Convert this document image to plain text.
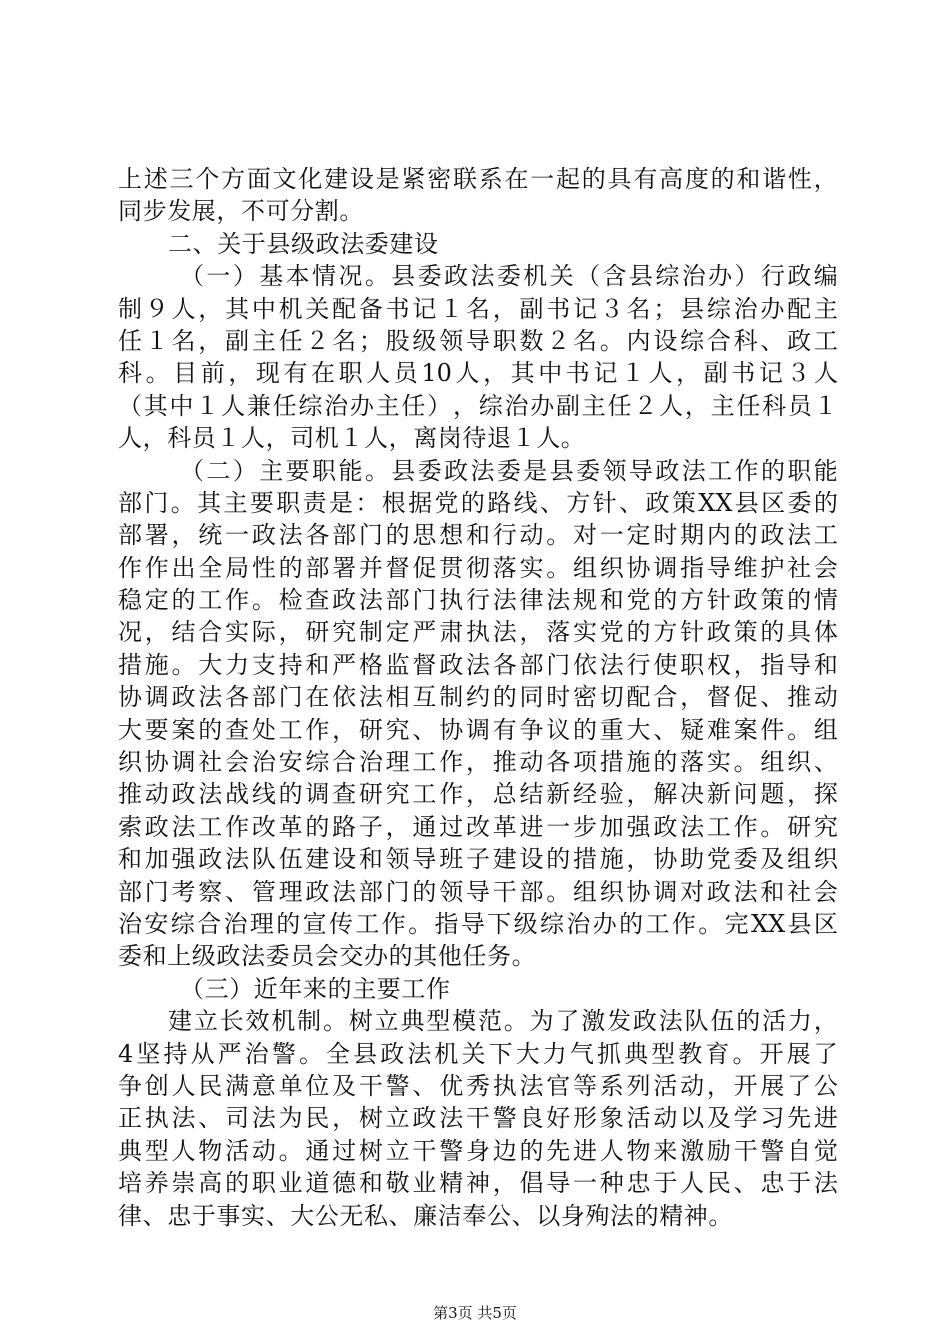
上 述 三 个 方 面 文 化 建 设 是 紧 密 联 系 在 一 起 的 具 有 高 度 的 和 谐 性 ，
同步发展，不可分割。
二、关于县级政法委建设
（ 一 ） 基 本 情 况 。 县 委 政 法 委 机 关 （ 含 县 综 治 办 ） 行 政 编
制 ９ 人 ， 其 中 机 关 配 备 书 记 １ 名 ， 副 书 记 ３ 名 ； 县 综 治 办 配 主
任 １ 名 ， 副 主 任 ２ 名 ； 股 级 领 导 职 数 ２ 名 。 内 设 综 合 科 、 政 工
科 。 目 前 ， 现 有 在 职 人 员 10 人 ， 其 中 书 记 １ 人 ， 副 书 记 ３ 人
（ 其 中 １ 人 兼 任 综 治 办 主 任 ） ， 综 治 办 副 主 任 ２ 人 ， 主 任 科 员 １
人，科员１人，司机１人，离岗待退１人。
（ 二 ） 主 要 职 能 。 县 委 政 法 委 是 县 委 领 导 政 法 工 作 的 职 能
部 门 。 其 主 要 职 责 是 ： 根 据 党 的 路 线 、 方 针 、 政 策 XX 县 区 委 的
部 署 ， 统 一 政 法 各 部 门 的 思 想 和 行 动 。 对 一 定 时 期 内 的 政 法 工
作 作 出 全 局 性 的 部 署 并 督 促 贯 彻 落 实 。 组 织 协 调 指 导 维 护 社 会
稳 定 的 工 作 。 检 查 政 法 部 门 执 行 法 律 法 规 和 党 的 方 针 政 策 的 情
况 ， 结 合 实 际 ， 研 究 制 定 严 肃 执 法 ， 落 实 党 的 方 针 政 策 的 具 体
措 施 。 大 力 支 持 和 严 格 监 督 政 法 各 部 门 依 法 行 使 职 权 ， 指 导 和
协 调 政 法 各 部 门 在 依 法 相 互 制 约 的 同 时 密 切 配 合 ， 督 促 、 推 动
大 要 案 的 查 处 工 作 ， 研 究 、 协 调 有 争 议 的 重 大 、 疑 难 案 件 。 组
织 协 调 社 会 治 安 综 合 治 理 工 作 ， 推 动 各 项 措 施 的 落 实 。 组 织 、
推 动 政 法 战 线 的 调 查 研 究 工 作 ， 总 结 新 经 验 ， 解 决 新 问 题 ， 探
索 政 法 工 作 改 革 的 路 子 ， 通 过 改 革 进 一 步 加 强 政 法 工 作 。 研 究
和 加 强 政 法 队 伍 建 设 和 领 导 班 子 建 设 的 措 施 ， 协 助 党 委 及 组 织
部 门 考 察 、 管 理 政 法 部 门 的 领 导 干 部 。 组 织 协 调 对 政 法 和 社 会
治 安 综 合 治 理 的 宣 传 工 作 。 指 导 下 级 综 治 办 的 工 作 。 完 XX 县 区
委和上级政法委员会交办的其他任务。
（三）近年来的主要工作
建 立 长 效 机 制 。 树 立 典 型 模 范 。 为 了 激 发 政 法 队 伍 的 活 力 ，
4 坚 持 从 严 治 警 。 全 县 政 法 机 关 下 大 力 气 抓 典 型 教 育 。 开 展 了
争 创 人 民 满 意 单 位 及 干 警 、 优 秀 执 法 官 等 系 列 活 动 ， 开 展 了 公
正 执 法 、 司 法 为 民 ， 树 立 政 法 干 警 良 好 形 象 活 动 以 及 学 习 先 进
典 型 人 物 活 动 。 通 过 树 立 干 警 身 边 的 先 进 人 物 来 激 励 干 警 自 觉
培 养 崇 高 的 职 业 道 德 和 敬 业 精 神 ， 倡 导 一 种 忠 于 人 民 、 忠 于 法
律、忠于事实、大公无私、廉洁奉公、以身殉法的精神。
第3页 共5页
